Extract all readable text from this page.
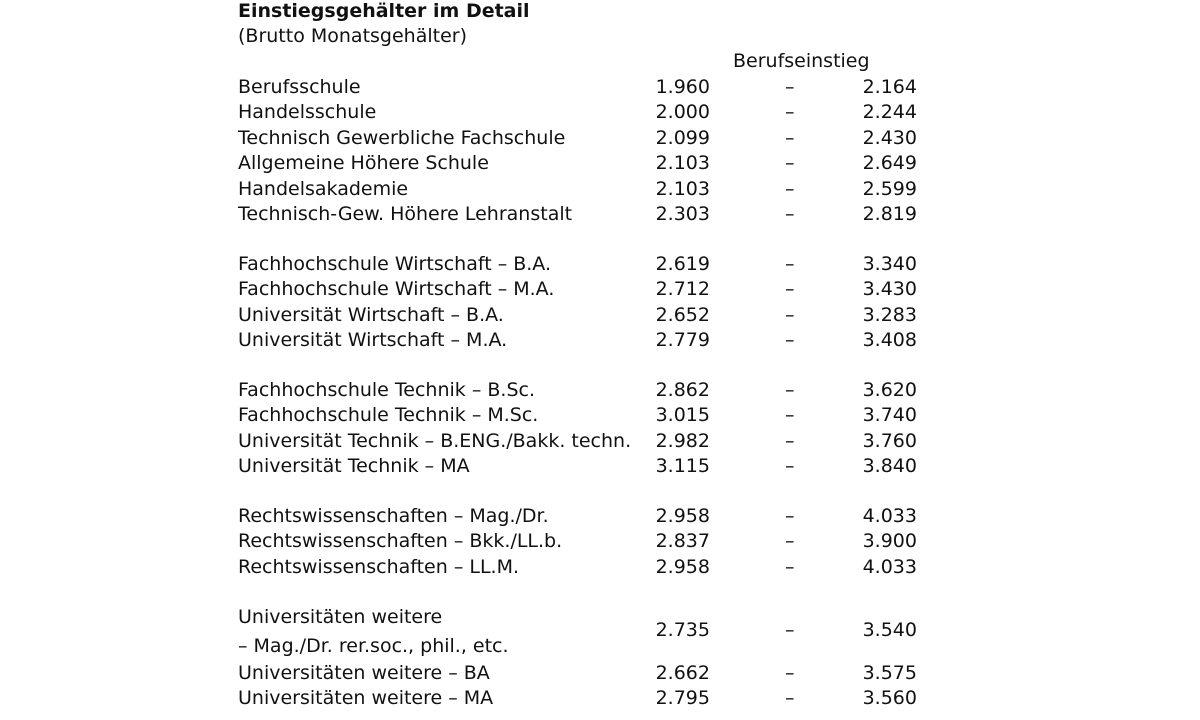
Einstiegsgehälter im Detail
(Brutto Monatsgehälter)
Berufseinstieg
Berufsschule	1.960	–	2.164
Handelsschule	2.000	–	2.244
Technisch Gewerbliche Fachschule	2.099	–	2.430
Allgemeine Höhere Schule	2.103	–	2.649
Handelsakademie	2.103	–	2.599
Technisch-Gew. Höhere Lehranstalt	2.303	–	2.819
Fachhochschule Wirtschaft – B.A.	2.619	–	3.340
Fachhochschule Wirtschaft – M.A.	2.712	–	3.430
Universität Wirtschaft – B.A.	2.652	–	3.283
Universität Wirtschaft – M.A.	2.779	–	3.408
Fachhochschule Technik – B.Sc.	2.862	–	3.620
Fachhochschule Technik – M.Sc.	3.015	–	3.740
Universität Technik – B.ENG./Bakk. techn. 2.982	–	3.760
Universität Technik – MA	3.115	–	3.840
Rechtswissenschaften – Mag./Dr.	2.958	–	4.033
Rechtswissenschaften – Bkk./LL.b.	2.837	–	3.900
Rechtswissenschaften – LL.M.	2.958	–	4.033
Universitäten weitere
– Mag./Dr. rer.soc., phil., etc.
2.735	–	3.540
Universitäten weitere – BA	2.662	–	3.575
Universitäten weitere – MA	2.795	–	3.560
